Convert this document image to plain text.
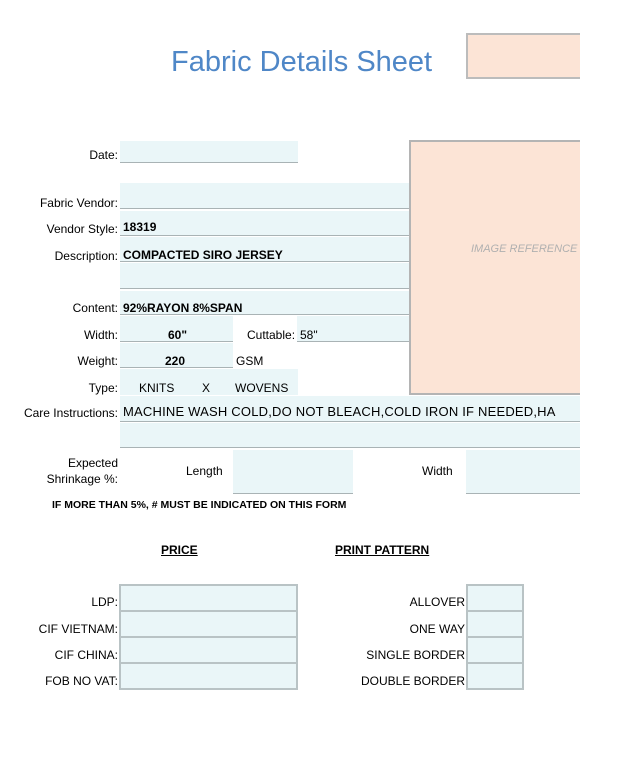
Fabric Details Sheet
IMAGE REFERENCE
Date:
Fabric Vendor:
Vendor Style: 18319
Description: COMPACTED SIRO JERSEY
Content: 92%RAYON 8%SPAN
Width:	60"	Cuttable: 58"
Weight:	220	GSM
Type: KNITS X WOVENS
Care Instructions: MACHINE WASH COLD,DO NOT BLEACH,COLD IRON IF NEEDED,HA
Expected
Shrinkage %:
Length	Width
IF MORE THAN 5%, # MUST BE INDICATED ON THIS FORM
PRICE
LDP:
CIF VIETNAM:
CIF CHINA:
FOB NO VAT:
PRINT PATTERN
ALLOVER
ONE WAY
SINGLE BORDER
DOUBLE BORDER
